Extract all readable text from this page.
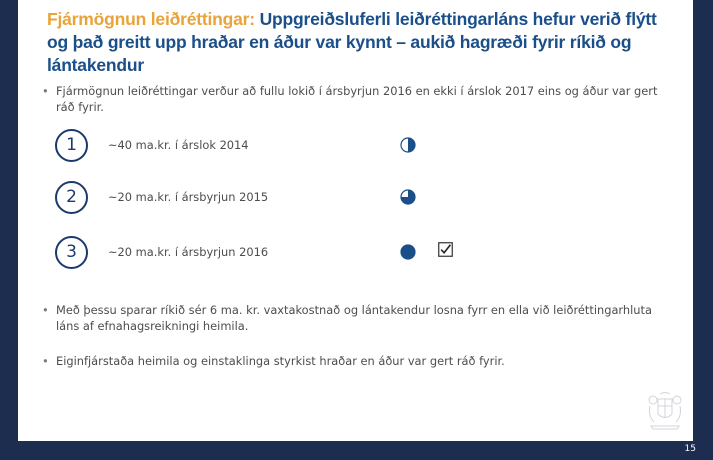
Fjármögnun leiðréttingar: Uppgreiðsluferli leiðréttingarláns hefur verið flýtt og það greitt upp hraðar en áður var kynnt – aukið hagræði fyrir ríkið og lántakendur
• Fjármögnun leiðréttingar verður að fullu lokið í ársbyrjun 2016 en ekki í árslok 2017 eins og áður var gert ráð fyrir.
1	~40 ma.kr. í árslok 2014
2	~20 ma.kr. í ársbyrjun 2015
3	~20 ma.kr. í ársbyrjun 2016
• Með þessu sparar ríkið sér 6 ma. kr. vaxtakostnað og lántakendur losna fyrr en ella við leiðréttingarhluta láns af efnahagsreikningi heimila.
• Eiginfjárstaða heimila og einstaklinga styrkist hraðar en áður var gert ráð fyrir.
15
